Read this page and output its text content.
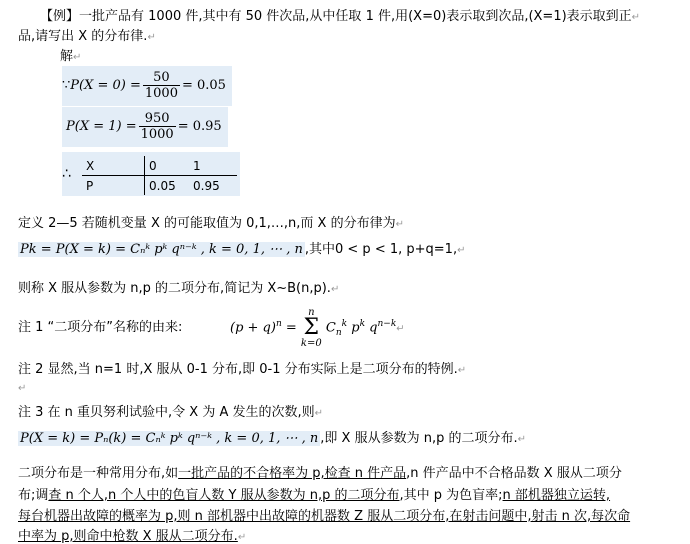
【例】一批产品有 1000 件,其中有 50 件次品,从中任取 1 件,用(X=0)表示取到次品,(X=1)表示取到正↵
品,请写出 X 的分布律.↵
解↵
∵P(X = $0) = \frac{50}{1000} = 0.05$
$P(X = 1) = \frac{950}{1000} = 0.95$
∴
X	0	1
P	0.05	0.95
定义 2—5 若随机变量 X 的可能取值为 0,1,…,n,而 X 的分布律为↵
Pk = P(X = k) = Cₙᵏ pᵏ qⁿ⁻ᵏ , k = 0, 1, ⋯ , n ,其中0 < p < 1, p+q=1,↵
则称 X 服从参数为 n,p 的二项分布,简记为 X~B(n,p).↵
注 1 “二项分布”名称的由来:	$(p + q)^n$ =
n
Σ
k=0
$C_n^k$ $p^k$ $q^{n-k}↵$
注 2 显然,当 n=1 时,X 服从 0-1 分布,即 0-1 分布实际上是二项分布的特例.↵
↵
注 3 在 n 重贝努利试验中,令 X 为 A 发生的次数,则↵
P(X = k) = Pₙ(k) = Cₙᵏ pᵏ qⁿ⁻ᵏ , k = 0, 1, ⋯ , n ,即 X 服从参数为 n,p 的二项分布.↵
二项分布是一种常用分布,如一批产品的不合格率为 p,检查 n 件产品,n 件产品中不合格品数 X 服从二项分
布;调查 n 个人,n 个人中的色盲人数 Y 服从参数为 n,p 的二项分布,其中 p 为色盲率;n 部机器独立运转,
每台机器出故障的概率为 p,则 n 部机器中出故障的机器数 Z 服从二项分布,在射击问题中,射击 n 次,每次命
中率为 p,则命中枪数 X 服从二项分布.↵
